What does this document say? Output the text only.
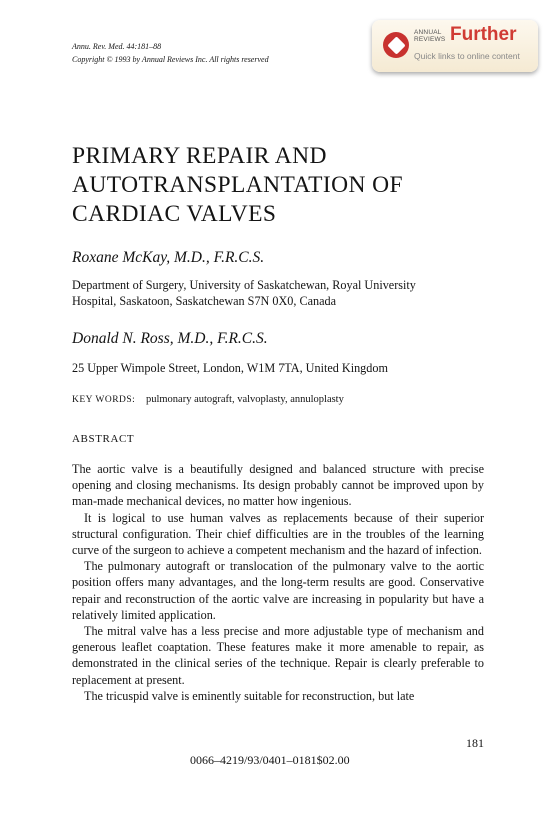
Annu. Rev. Med. 44:181–88
Copyright © 1993 by Annual Reviews Inc. All rights reserved
ANNUAL
REVIEWS Further
Quick links to online content
PRIMARY REPAIR AND
AUTOTRANSPLANTATION OF
CARDIAC VALVES
Roxane McKay, M.D., F.R.C.S.
Department of Surgery, University of Saskatchewan, Royal University
Hospital, Saskatoon, Saskatchewan S7N 0X0, Canada
Donald N. Ross, M.D., F.R.C.S.
25 Upper Wimpole Street, London, W1M 7TA, United Kingdom
KEY WORDS: pulmonary autograft, valvoplasty, annuloplasty
ABSTRACT

The aortic valve is a beautifully designed and balanced structure with precise opening and closing mechanisms. Its design probably cannot be improved upon by man-made mechanical devices, no matter how ingenious.

It is logical to use human valves as replacements because of their superior structural configuration. Their chief difficulties are in the troubles of the learning curve of the surgeon to achieve a competent mechanism and the hazard of infection.

The pulmonary autograft or translocation of the pulmonary valve to the aortic position offers many advantages, and the long-term results are good. Conservative repair and reconstruction of the aortic valve are increasing in popularity but have a relatively limited application.

The mitral valve has a less precise and more adjustable type of mechanism and generous leaflet coaptation. These features make it more amenable to repair, as demonstrated in the clinical series of the technique. Repair is clearly preferable to replacement at present.

The tricuspid valve is eminently suitable for reconstruction, but late

181
0066–4219/93/0401–0181$02.00
